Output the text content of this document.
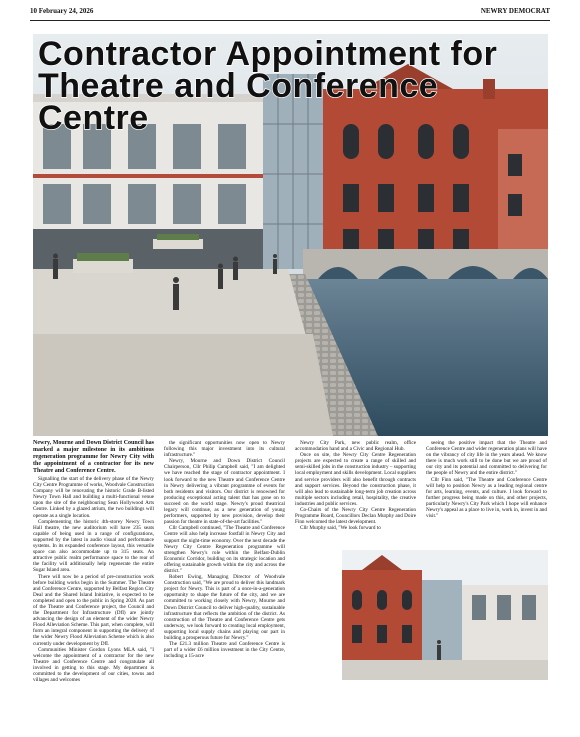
10 February 24, 2026	NEWRY DEMOCRAT
Contractor Appointment for Theatre and Conference Centre

Newry, Mourne and Down District Council has marked a major milestone in its ambitious regeneration programme for Newry City with the appointment of a contractor for its new Theatre and Conference Centre.

Signalling the start of the delivery phase of the Newry City Centre Programme of works, Woodvale Construction Company will be renovating the historic Grade B-listed Newry Town Hall and building a multi-functional venue upon the site of the neighbouring Sean Hollywood Arts Centre. Linked by a glazed atrium, the two buildings will operate as a single location.

Complementing the historic 4th-storey Newry Town Hall theatre, the new auditorium will have 235 seats capable of being used in a range of configurations, supported by the latest in audio visual and performance systems. In its expanded conference layout, this versatile space can also accommodate up to 315 seats. An attractive public realm performance space to the rear of the facility will additionally help regenerate the entire Sugar Island area.

There will now be a period of pre-construction work before building works begin in the Summer. The Theatre and Conference Centre, supported by Belfast Region City Deal and the Shared Island Initiative, is expected to be completed and open to the public in Spring 2028. As part of the Theatre and Conference project, the Council and the Department for Infrastructure (DfI) are jointly advancing the design of an element of the wider Newry Flood Alleviation Scheme. This part, when complete, will form an integral component in supporting the delivery of the wider Newry Flood Alleviation Scheme which is also currently under development by DfI.

Communities Minister Gordon Lyons MLA said, "I welcome the appointment of a contractor for the new Theatre and Conference Centre and congratulate all involved in getting to this stage. My department is committed to the development of our cities, towns and villages and welcomes

the significant opportunities now open to Newry following this major investment into its cultural infrastructure."

Newry, Mourne and Down District Council Chairperson, Cllr Philip Campbell said, "I am delighted we have reached the stage of contractor appointment. I look forward to the new Theatre and Conference Centre in Newry delivering a vibrant programme of events for both residents and visitors. Our district is renowned for producing exceptional acting talent that has gone on to succeed on the world stage. Newry's proud theatrical legacy will continue, as a new generation of young performers, supported by new provision, develop their passion for theatre in state-of-the-art facilities."

Cllr Campbell continued, "The Theatre and Conference Centre will also help increase footfall in Newry City and support the night-time economy. Over the next decade the Newry City Centre Regeneration programme will strengthen Newry's role within the Belfast-Dublin Economic Corridor, building on its strategic location and offering sustainable growth within the city and across the district."

Robert Ewing, Managing Director of Woodvale Construction said, "We are proud to deliver this landmark project for Newry. This is part of a once-in-a-generation opportunity to shape the future of the city, and we are committed to working closely with Newry, Mourne and Down District Council to deliver high-quality, sustainable infrastructure that reflects the ambition of the district. As construction of the Theatre and Conference Centre gets underway, we look forward to creating local employment, supporting local supply chains and playing our part in building a prosperous future for Newry."

The £21.3 million Theatre and Conference Centre is part of a wider £6 million investment in the City Centre, including a 15-acre

Newry City Park, new public realm, office accommodation hand and a Civic and Regional Hub.

Once on site, the Newry City Centre Regeneration projects are expected to create a range of skilled and semi-skilled jobs in the construction industry – supporting local employment and skills development. Local suppliers and service providers will also benefit through contracts and support services. Beyond the construction phase, it will also lead to sustainable long-term job creation across multiple sectors including retail, hospitality, the creative industries and public services.

Co-Chairs of the Newry City Centre Regeneration Programme Board, Councillors Declan Murphy and Doire Finn welcomed the latest development.

Cllr Murphy said, "We look forward to

seeing the positive impact that the Theatre and Conference Centre and wider regeneration plans will have on the vibrancy of city life in the years ahead. We know there is much work still to be done but we are proud of our city and its potential and committed to delivering for the people of Newry and the entire district."

Cllr Finn said, "The Theatre and Conference Centre will help to position Newry as a leading regional centre for arts, learning, events, and culture. I look forward to further progress being made on this, and other projects, particularly Newry's City Park which I hope will enhance Newry's appeal as a place to live in, work in, invest in and visit."
